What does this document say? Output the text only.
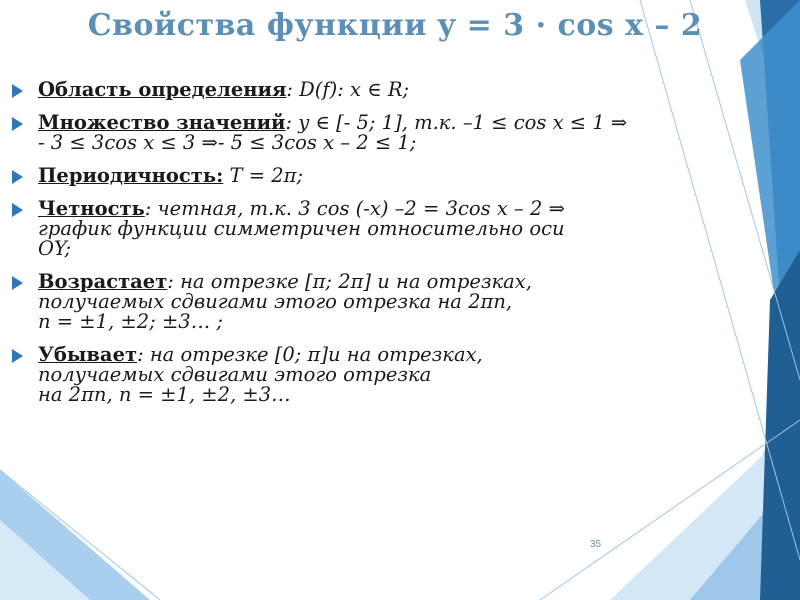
Свойства функции y = 3 · cos x – 2
Область определения: D(f): x ∈ R;
Множество значений: y ∈ [- 5; 1], т.к. –1 ≤ cos x ≤ 1 ⇒
- 3 ≤ 3cos x ≤ 3 ⇒- 5 ≤ 3cos x – 2 ≤ 1;
Периодичность: T = 2π;
Четность: четная, т.к. 3 cos (-x) –2 = 3cos x – 2 ⇒
график функции симметричен относительно оси
OY;
Возрастает: на отрезке [π; 2π] и на отрезках,
получаемых сдвигами этого отрезка на 2πn,
n = ±1, ±2; ±3… ;
Убывает: на отрезке [0; π]и на отрезках,
получаемых сдвигами этого отрезка
на 2πn, n = ±1, ±2, ±3…
35
